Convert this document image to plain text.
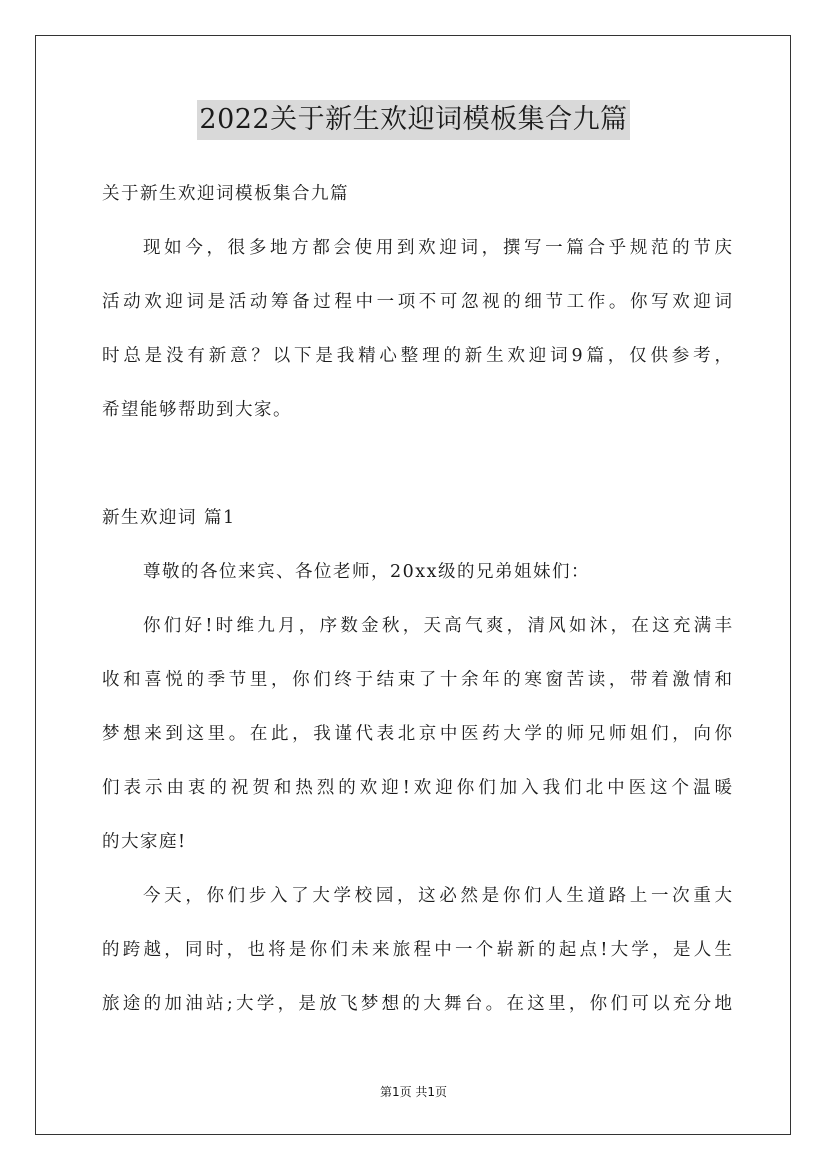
2022关于新生欢迎词模板集合九篇
关于新生欢迎词模板集合九篇
现如今，很多地方都会使用到欢迎词，撰写一篇合乎规范的节庆
活动欢迎词是活动筹备过程中一项不可忽视的细节工作。你写欢迎词
时总是没有新意？以下是我精心整理的新生欢迎词9篇，仅供参考，
希望能够帮助到大家。
新生欢迎词 篇1
尊敬的各位来宾、各位老师，20xx级的兄弟姐妹们：
你们好!时维九月，序数金秋，天高气爽，清风如沐，在这充满丰
收和喜悦的季节里，你们终于结束了十余年的寒窗苦读，带着激情和
梦想来到这里。在此，我谨代表北京中医药大学的师兄师姐们，向你
们表示由衷的祝贺和热烈的欢迎!欢迎你们加入我们北中医这个温暖
的大家庭!
今天，你们步入了大学校园，这必然是你们人生道路上一次重大
的跨越，同时，也将是你们未来旅程中一个崭新的起点!大学，是人生
旅途的加油站;大学，是放飞梦想的大舞台。在这里，你们可以充分地
第1页 共1页
